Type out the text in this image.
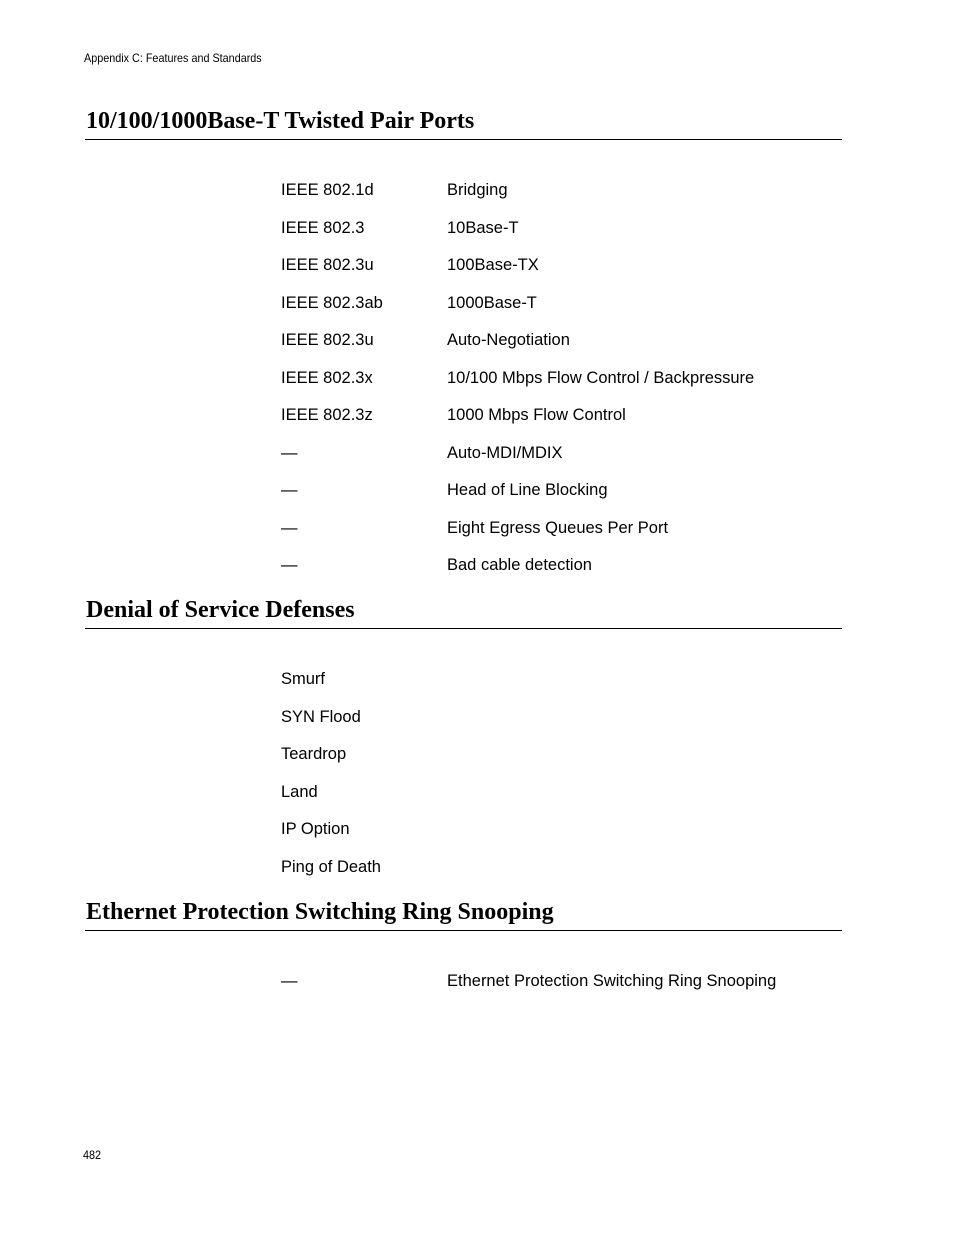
Appendix C: Features and Standards
10/100/1000Base-T Twisted Pair Ports
IEEE 802.1d	Bridging
IEEE 802.3	10Base-T
IEEE 802.3u	100Base-TX
IEEE 802.3ab	1000Base-T
IEEE 802.3u	Auto-Negotiation
IEEE 802.3x	10/100 Mbps Flow Control / Backpressure
IEEE 802.3z	1000 Mbps Flow Control
—	Auto-MDI/MDIX
—	Head of Line Blocking
—	Eight Egress Queues Per Port
—	Bad cable detection
Denial of Service Defenses
Smurf
SYN Flood
Teardrop
Land
IP Option
Ping of Death
Ethernet Protection Switching Ring Snooping
—	Ethernet Protection Switching Ring Snooping
482
